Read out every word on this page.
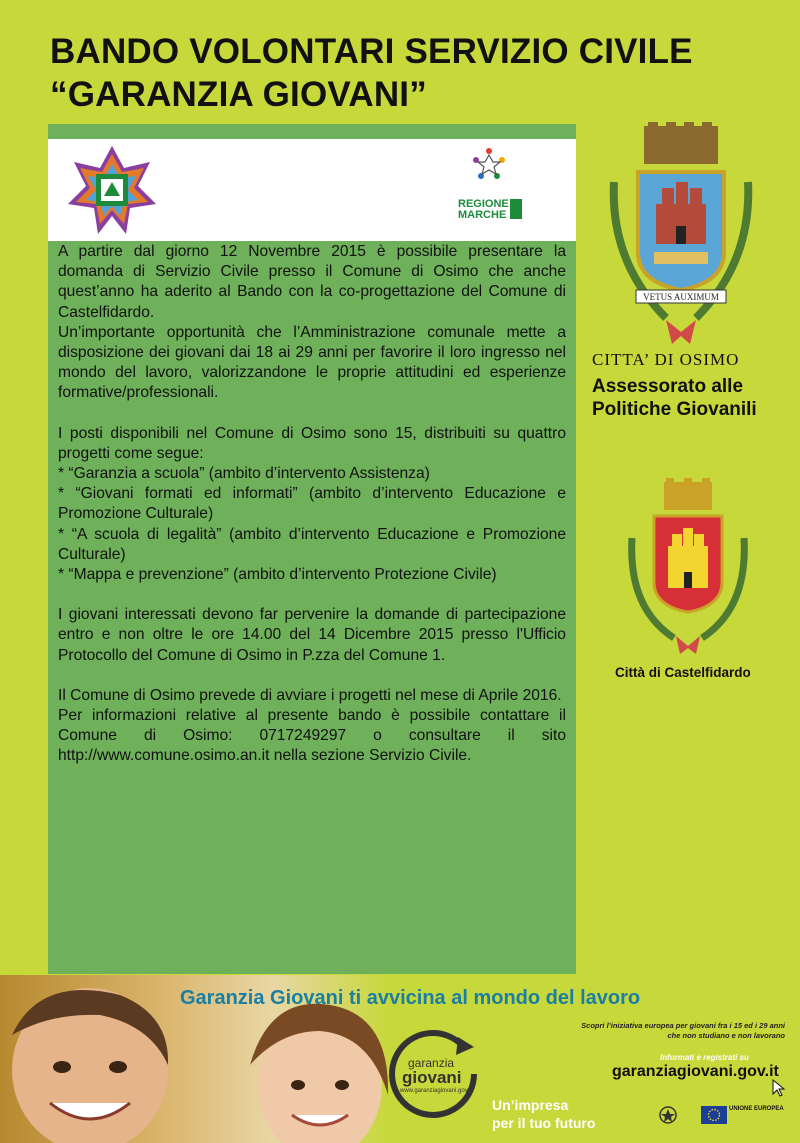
BANDO VOLONTARI SERVIZIO CIVILE
“GARANZIA GIOVANI”
REGIONE
MARCHE

A partire dal giorno 12 Novembre 2015 è possibile presentare la domanda di Servizio Civile presso il Comune di Osimo che anche quest’anno ha aderito al Bando con la co-progettazione del Comune di Castelfidardo.

Un’importante opportunità che l’Amministrazione comunale mette a disposizione dei giovani dai 18 ai 29 anni per favorire il loro ingresso nel mondo del lavoro, valorizzandone le proprie attitudini ed esperienze formative/professionali.

I posti disponibili nel Comune di Osimo sono 15, distribuiti su quattro progetti come segue:

* “Garanzia a scuola” (ambito d’intervento Assistenza)

* “Giovani formati ed informati” (ambito d’intervento Educazione e Promozione Culturale)

* “A scuola di legalità” (ambito d’intervento Educazione e Promozione Culturale)

* “Mappa e prevenzione” (ambito d’intervento Protezione Civile)

I giovani interessati devono far pervenire la domande di partecipazione entro e non oltre le ore 14.00 del 14 Dicembre 2015 presso l'Ufficio Protocollo del Comune di Osimo in P.zza del Comune 1.

Il Comune di Osimo prevede di avviare i progetti nel mese di Aprile 2016.

Per informazioni relative al presente bando è possibile contattare il Comune di Osimo: 0717249297 o consultare il sito http://www.comune.osimo.an.it nella sezione Servizio Civile.

VETUS AUXIMUM
CITTA’ DI OSIMO
Assessorato alle
Politiche Giovanili
Città di Castelfidardo
Garanzia Giovani ti avvicina al mondo del lavoro
Scopri l’iniziativa europea per giovani fra i 15 ed i 29 anni
che non studiano e non lavorano
garanzia
giovani
www.garanziagiovani.gov.it
Un’impresa
per il tuo futuro
Informati e registrati su
garanziagiovani.gov.it
UNIONE EUROPEA
